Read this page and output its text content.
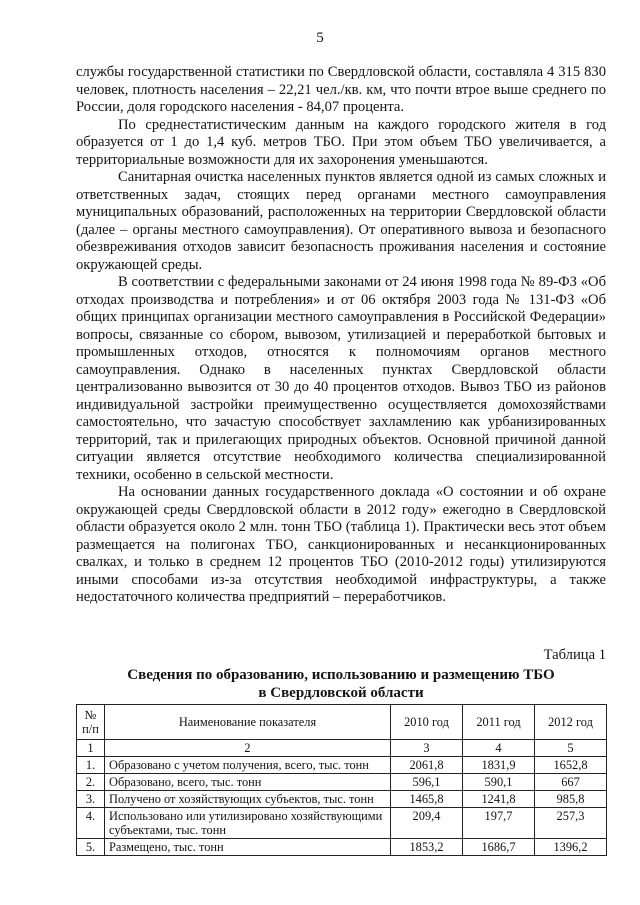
5

службы государственной статистики по Свердловской области, составляла 4 315 830 человек, плотность населения – 22,21 чел./кв. км, что почти втрое выше среднего по России, доля городского населения - 84,07 процента.

По среднестатистическим данным на каждого городского жителя в год образуется от 1 до 1,4 куб. метров ТБО. При этом объем ТБО увеличивается, а территориальные возможности для их захоронения уменьшаются.

Санитарная очистка населенных пунктов является одной из самых сложных и ответственных задач, стоящих перед органами местного самоуправления муниципальных образований, расположенных на территории Свердловской области (далее – органы местного самоуправления). От оперативного вывоза и безопасного обезвреживания отходов зависит безопасность проживания населения и состояние окружающей среды.

В соответствии с федеральными законами от 24 июня 1998 года № 89-ФЗ «Об отходах производства и потребления» и от 06 октября 2003 года № 131-ФЗ «Об общих принципах организации местного самоуправления в Российской Федерации» вопросы, связанные со сбором, вывозом, утилизацией и переработкой бытовых и промышленных отходов, относятся к полномочиям органов местного самоуправления. Однако в населенных пунктах Свердловской области централизованно вывозится от 30 до 40 процентов отходов. Вывоз ТБО из районов индивидуальной застройки преимущественно осуществляется домохозяйствами самостоятельно, что зачастую способствует захламлению как урбанизированных территорий, так и прилегающих природных объектов. Основной причиной данной ситуации является отсутствие необходимого количества специализированной техники, особенно в сельской местности.

На основании данных государственного доклада «О состоянии и об охране окружающей среды Свердловской области в 2012 году» ежегодно в Свердловской области образуется около 2 млн. тонн ТБО (таблица 1). Практически весь этот объем размещается на полигонах ТБО, санкционированных и несанкционированных свалках, и только в среднем 12 процентов ТБО (2010-2012 годы) утилизируются иными способами из-за отсутствия необходимой инфраструктуры, а также недостаточного количества предприятий – переработчиков.

Таблица 1
Сведения по образованию, использованию и размещению ТБО
в Свердловской области
№ п/п	Наименование показателя	2010 год	2011 год	2012 год
1	2	3	4	5
1.	Образовано с учетом получения, всего, тыс. тонн	2061,8	1831,9	1652,8
2.	Образовано, всего, тыс. тонн	596,1	590,1	667
3.	Получено от хозяйствующих субъектов, тыс. тонн	1465,8	1241,8	985,8
4.	Использовано или утилизировано хозяйствующими субъектами, тыс. тонн	209,4	197,7	257,3
5.	Размещено, тыс. тонн	1853,2	1686,7	1396,2
